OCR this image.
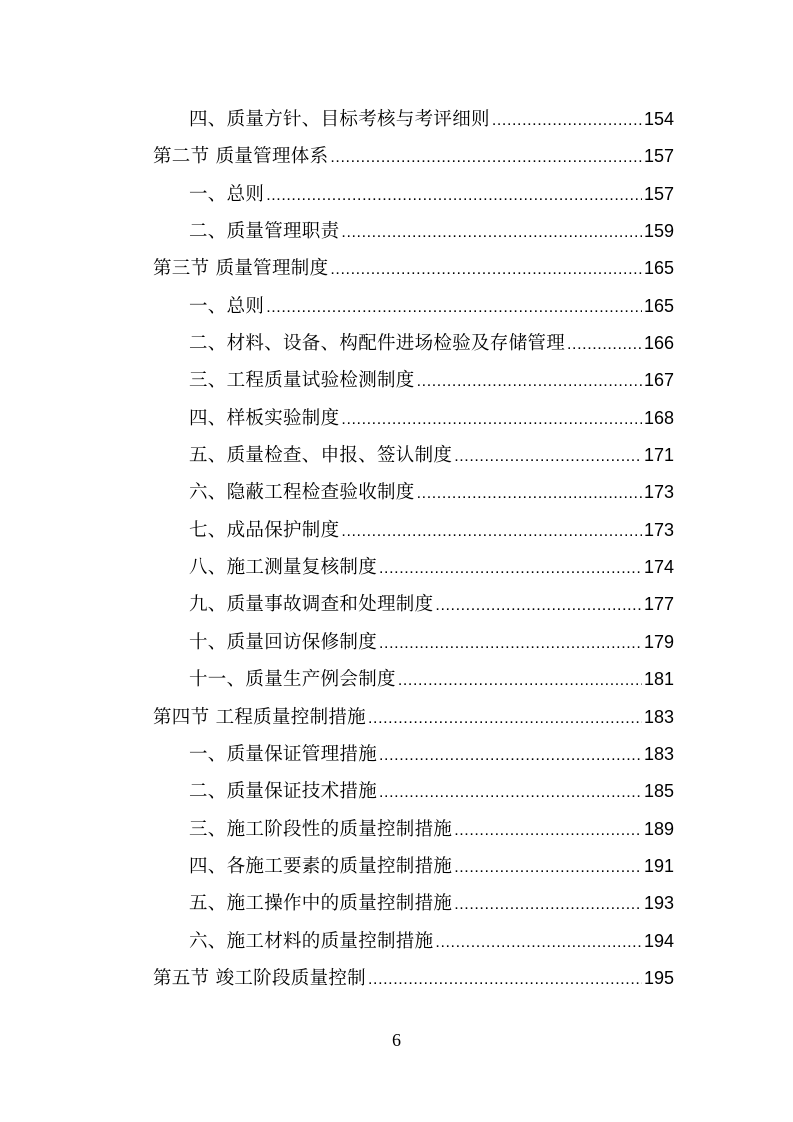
四、质量方针、目标考核与考评细则 .....	154
第二节 质量管理体系 .....	157
一、总则 .....	157
二、质量管理职责 .....	159
第三节 质量管理制度 .....	165
一、总则 .....	165
二、材料、设备、构配件进场检验及存储管理 .....	166
三、工程质量试验检测制度 .....	167
四、样板实验制度 .....	168
五、质量检查、申报、签认制度 .....	171
六、隐蔽工程检查验收制度 .....	173
七、成品保护制度 .....	173
八、施工测量复核制度 .....	174
九、质量事故调查和处理制度 .....	177
十、质量回访保修制度 .....	179
十一、质量生产例会制度 .....	181
第四节 工程质量控制措施 .....	183
一、质量保证管理措施 .....	183
二、质量保证技术措施 .....	185
三、施工阶段性的质量控制措施 .....	189
四、各施工要素的质量控制措施 .....	191
五、施工操作中的质量控制措施 .....	193
六、施工材料的质量控制措施 .....	194
第五节 竣工阶段质量控制 .....	195
6
